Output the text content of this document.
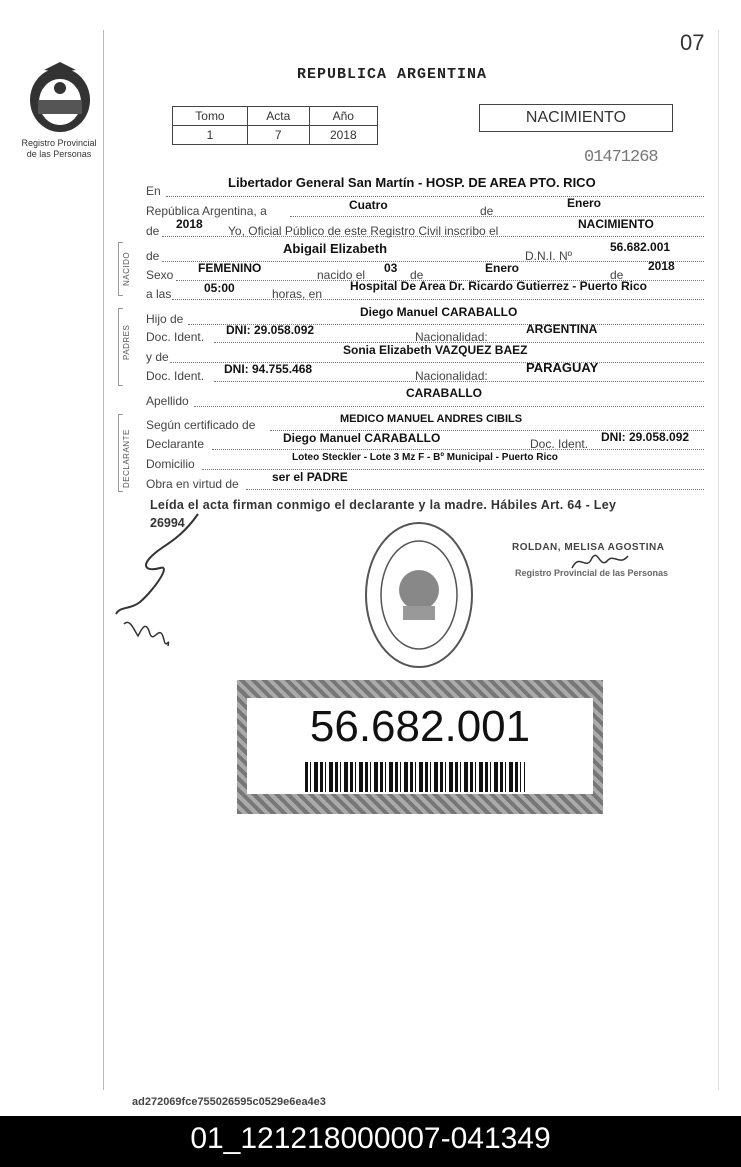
07
Registro Provincial
de las Personas
REPUBLICA ARGENTINA
Tomo	Acta	Año
1	7	2018
NACIMIENTO
01471268
En
Libertador General San Martín - HOSP. DE AREA PTO. RICO
República Argentina, a	Cuatro	de
Enero
de 2018 Yo, Oficial Público de este Registro Civil inscribo el	NACIMIENTO
NACIDO de	Abigail Elizabeth	D.N.I. Nº
56.682.001
Sexo FEMENINO	nacido el 03 de	Enero	de
2018
a las	05:00	horas, en
Hospital De Area Dr. Ricardo Gutierrez - Puerto Rico
PADRES
Hijo de	Diego Manuel CARABALLO
Doc. Ident. DNI: 29.058.092	Nacionalidad:
ARGENTINA
y de	Sonia Elizabeth VAZQUEZ BAEZ
Doc. Ident. DNI: 94.755.468	Nacionalidad:
PARAGUAY
Apellido
CARABALLO
DECLARANTE
Según certificado de	MEDICO MANUEL ANDRES CIBILS
Declarante	Diego Manuel CARABALLO	Doc. Ident. DNI: 29.058.092
Domicilio	Loteo Steckler - Lote 3 Mz F - Bº Municipal - Puerto Rico
Obra en virtud de	ser el PADRE
Leída el acta firman conmigo el declarante y la madre. Hábiles Art. 64 - Ley
26994
ROLDAN, MELISA AGOSTINA
Registro Provincial de las Personas
56.682.001
ad272069fce755026595c0529e6ea4e3
01_121218000007-041349
